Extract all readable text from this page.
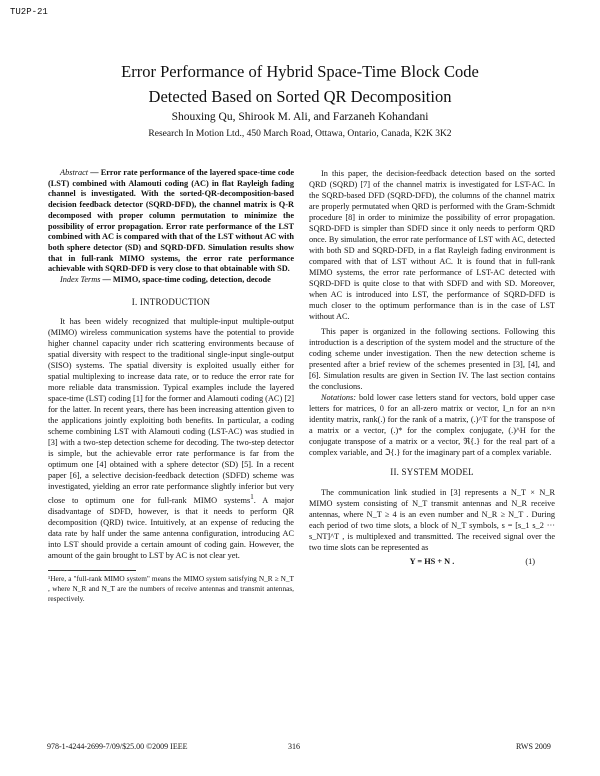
TU2P-21
Error Performance of Hybrid Space-Time Block Code
Detected Based on Sorted QR Decomposition
Shouxing Qu, Shirook M. Ali, and Farzaneh Kohandani
Research In Motion Ltd., 450 March Road, Ottawa, Ontario, Canada, K2K 3K2

Abstract — Error rate performance of the layered space-time code (LST) combined with Alamouti coding (AC) in flat Rayleigh fading channel is investigated. With the sorted-QR-decomposition-based decision feedback detector (SQRD-DFD), the channel matrix is Q-R decomposed with proper column permutation to minimize the possibility of error propagation. Error rate performance of the LST combined with AC is compared with that of the LST without AC with both sphere detector (SD) and SQRD-DFD. Simulation results show that in full-rank MIMO systems, the error rate performance achievable with SQRD-DFD is very close to that obtainable with SD.

Index Terms — MIMO, space-time coding, detection, decode

I. INTRODUCTION

It has been widely recognized that multiple-input multiple-output (MIMO) wireless communication systems have the potential to provide higher channel capacity under rich scattering environments because of spatial diversity with respect to the traditional single-input single-output (SISO) systems. The spatial diversity is exploited usually either for spatial multiplexing to increase data rate, or to reduce the error rate for more reliable data transmission. Typical examples include the layered space-time (LST) coding [1] for the former and Alamouti coding (AC) [2] for the latter. In recent years, there has been increasing attention given to the applications jointly exploiting both benefits. In particular, a coding scheme combining LST with Alamouti coding (LST-AC) was studied in [3] with a two-step detection scheme for decoding. The two-step detector is simple, but the achievable error rate performance is far from the optimum one [4] obtained with a sphere detector (SD) [5]. In a recent paper [6], a selective decision-feedback detection (SDFD) scheme was investigated, yielding an error rate performance slightly inferior but very close to optimum one for full-rank MIMO systems$^1$. A major disadvantage of SDFD, however, is that it needs to perform QR decomposition (QRD) twice. Intuitively, at an expense of reducing the data rate by half under the same antenna configuration, introducing AC into LST should provide a certain amount of coding gain. However, the amount of the gain brought to LST by AC is not clear yet.

¹Here, a "full-rank MIMO system" means the MIMO system satisfying N_R ≥ N_T , where N_R and N_T are the numbers of receive antennas and transmit antennas, respectively.

In this paper, the decision-feedback detection based on the sorted QRD (SQRD) [7] of the channel matrix is investigated for LST-AC. In the SQRD-based DFD (SQRD-DFD), the columns of the channel matrix are properly permutated when QRD is performed with the Gram-Schmidt procedure [8] in order to minimize the possibility of error propagation. SQRD-DFD is simpler than SDFD since it only needs to perform QRD once. By simulation, the error rate performance of LST with AC, detected with both SD and SQRD-DFD, in a flat Rayleigh fading environment is compared with that of LST without AC. It is found that in full-rank MIMO systems, the error rate performance of LST-AC detected with SQRD-DFD is quite close to that with SDFD and with SD. Moreover, when AC is introduced into LST, the performance of SQRD-DFD is much closer to the optimum performance than is in the case of LST without AC.

This paper is organized in the following sections. Following this introduction is a description of the system model and the structure of the coding scheme under investigation. Then the new detection scheme is presented after a brief review of the schemes presented in [3], [4], and [6]. Simulation results are given in Section IV. The last section contains the conclusions.

Notations: bold lower case letters stand for vectors, bold upper case letters for matrices, 0 for an all-zero matrix or vector, I_n for an n×n identity matrix, rank(.) for the rank of a matrix, (.)^T for the transpose of a matrix or a vector, (.)* for the complex conjugate, (.)^H for the conjugate transpose of a matrix or a vector, ℜ{.} for the real part of a complex variable, and ℑ{.} for the imaginary part of a complex variable.

II. SYSTEM MODEL

The communication link studied in [3] represents a N_T × N_R MIMO system consisting of N_T transmit antennas and N_R receive antennas, where N_T ≥ 4 is an even number and N_R ≥ N_T . During each period of two time slots, a block of N_T symbols, s = [s_1 s_2 ··· s_NT]^T , is multiplexed and transmitted. The received signal over the two time slots can be represented as

Y = HS + N .	(1)
978-1-4244-2699-7/09/$25.00 ©2009 IEEE	316	RWS 2009
